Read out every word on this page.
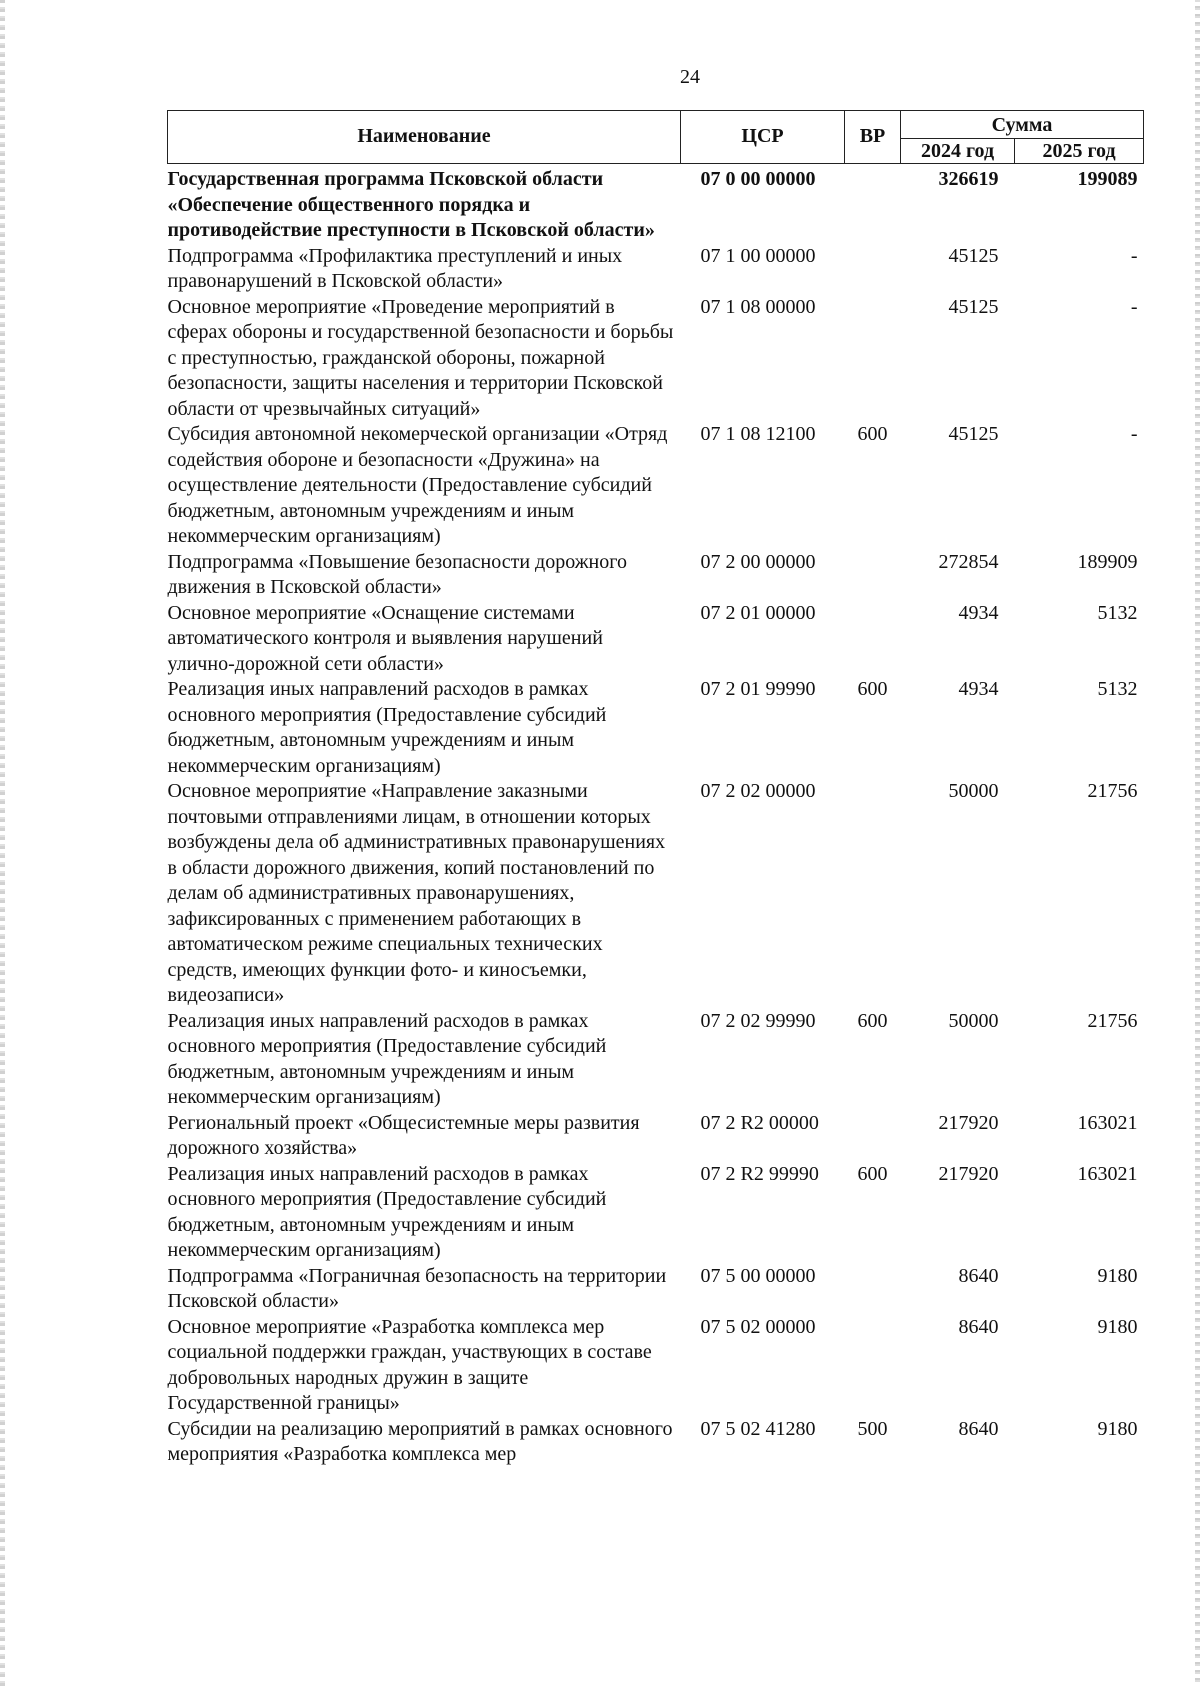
24
Наименование	ЦСР	ВР	Сумма	
			2024 год	2025 год
Государственная программа Псковской области «Обеспечение общественного порядка и противодействие преступности в Псковской области»	07 0 00 00000		326619	199089
Подпрограмма «Профилактика преступлений и иных правонарушений в Псковской области»	07 1 00 00000		45125	-
Основное мероприятие «Проведение мероприятий в сферах обороны и государственной безопасности и борьбы с преступностью, гражданской обороны, пожарной безопасности, защиты населения и территории Псковской области от чрезвычайных ситуаций»	07 1 08 00000		45125	-
Субсидия автономной некомерческой организации «Отряд содействия обороне и безопасности «Дружина» на осуществление деятельности (Предоставление субсидий бюджетным, автономным учреждениям и иным некоммерческим организациям)	07 1 08 12100	600	45125	-
Подпрограмма «Повышение безопасности дорожного движения в Псковской области»	07 2 00 00000		272854	189909
Основное мероприятие «Оснащение системами автоматического контроля и выявления нарушений улично-дорожной сети области»	07 2 01 00000		4934	5132
Реализация иных направлений расходов в рамках основного мероприятия (Предоставление субсидий бюджетным, автономным учреждениям и иным некоммерческим организациям)	07 2 01 99990	600	4934	5132
Основное мероприятие «Направление заказными почтовыми отправлениями лицам, в отношении которых возбуждены дела об административных правонарушениях в области дорожного движения, копий постановлений по делам об административных правонарушениях, зафиксированных с применением работающих в автоматическом режиме специальных технических средств, имеющих функции фото- и киносъемки, видеозаписи»	07 2 02 00000		50000	21756
Реализация иных направлений расходов в рамках основного мероприятия (Предоставление субсидий бюджетным, автономным учреждениям и иным некоммерческим организациям)	07 2 02 99990	600	50000	21756
Региональный проект «Общесистемные меры развития дорожного хозяйства»	07 2 R2 00000		217920	163021
Реализация иных направлений расходов в рамках основного мероприятия (Предоставление субсидий бюджетным, автономным учреждениям и иным некоммерческим организациям)	07 2 R2 99990	600	217920	163021
Подпрограмма «Пограничная безопасность на территории Псковской области»	07 5 00 00000		8640	9180
Основное мероприятие «Разработка комплекса мер социальной поддержки граждан, участвующих в составе добровольных народных дружин в защите Государственной границы»	07 5 02 00000		8640	9180
Субсидии на реализацию мероприятий в рамках основного мероприятия «Разработка комплекса мер	07 5 02 41280	500	8640	9180
